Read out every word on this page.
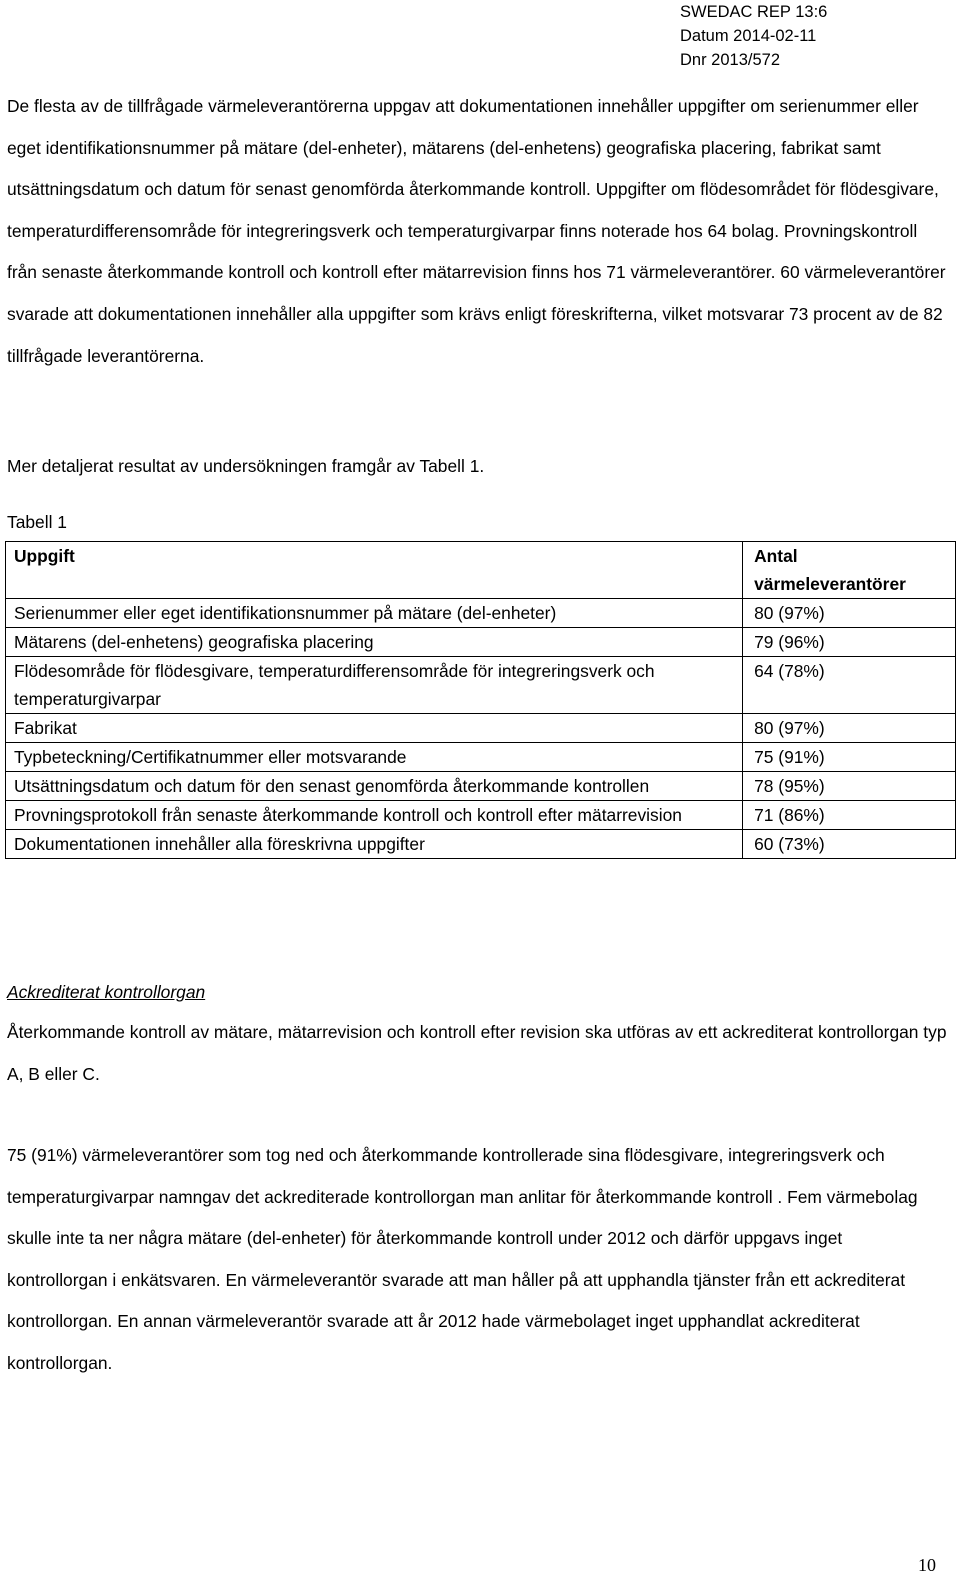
SWEDAC REP 13:6
Datum 2014-02-11
Dnr 2013/572

De flesta av de tillfrågade värmeleverantörerna uppgav att dokumentationen innehåller uppgifter om serienummer eller eget identifikationsnummer på mätare (del-enheter), mätarens (del-enhetens) geografiska placering, fabrikat samt utsättningsdatum och datum för senast genomförda återkommande kontroll. Uppgifter om flödesområdet för flödesgivare, temperaturdifferensområde för integreringsverk och temperaturgivarpar finns noterade hos 64 bolag. Provningskontroll från senaste återkommande kontroll och kontroll efter mätarrevision finns hos 71 värmeleverantörer. 60 värmeleverantörer svarade att dokumentationen innehåller alla uppgifter som krävs enligt föreskrifterna, vilket motsvarar 73 procent av de 82 tillfrågade leverantörerna.

Mer detaljerat resultat av undersökningen framgår av Tabell 1.
Tabell 1
Uppgift	Antal
värmeleverantörer

Serienummer eller eget identifikationsnummer på mätare (del-enheter)	80 (97%)
Mätarens (del-enhetens) geografiska placering	79 (96%)
Flödesområde för flödesgivare, temperaturdifferensområde för integreringsverk och temperaturgivarpar	64 (78%)
Fabrikat	80 (97%)
Typbeteckning/Certifikatnummer eller motsvarande	75 (91%)
Utsättningsdatum och datum för den senast genomförda återkommande kontrollen	78 (95%)
Provningsprotokoll från senaste återkommande kontroll och kontroll efter mätarrevision	71 (86%)
Dokumentationen innehåller alla föreskrivna uppgifter	60 (73%)
Ackrediterat kontrollorgan

Återkommande kontroll av mätare, mätarrevision och kontroll efter revision ska utföras av ett ackrediterat kontrollorgan typ A, B eller C.

75 (91%) värmeleverantörer som tog ned och återkommande kontrollerade sina flödesgivare, integreringsverk och temperaturgivarpar namngav det ackrediterade kontrollorgan man anlitar för återkommande kontroll . Fem värmebolag skulle inte ta ner några mätare (del-enheter) för återkommande kontroll under 2012 och därför uppgavs inget kontrollorgan i enkätsvaren. En värmeleverantör svarade att man håller på att upphandla tjänster från ett ackrediterat kontrollorgan. En annan värmeleverantör svarade att år 2012 hade värmebolaget inget upphandlat ackrediterat kontrollorgan.

10
